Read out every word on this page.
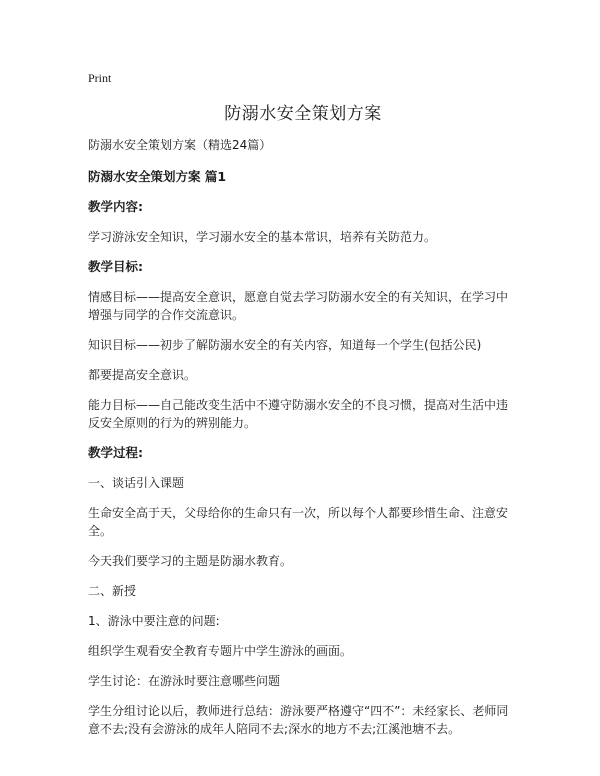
Print
防溺水安全策划方案
防溺水安全策划方案（精选24篇）
防溺水安全策划方案 篇1
教学内容:
学习游泳安全知识，学习溺水安全的基本常识，培养有关防范力。
教学目标:
情感目标——提高安全意识，愿意自觉去学习防溺水安全的有关知识，在学习中增强与同学的合作交流意识。
知识目标——初步了解防溺水安全的有关内容，知道每一个学生(包括公民)
都要提高安全意识。
能力目标——自己能改变生活中不遵守防溺水安全的不良习惯，提高对生活中违反安全原则的行为的辨别能力。
教学过程:
一、谈话引入课题
生命安全高于天，父母给你的生命只有一次，所以每个人都要珍惜生命、注意安全。
今天我们要学习的主题是防溺水教育。
二、新授
1、游泳中要注意的问题:
组织学生观看安全教育专题片中学生游泳的画面。
学生讨论：在游泳时要注意哪些问题
学生分组讨论以后，教师进行总结：游泳要严格遵守“四不”：未经家长、老师同意不去;没有会游泳的成年人陪同不去;深水的地方不去;江溪池塘不去。
